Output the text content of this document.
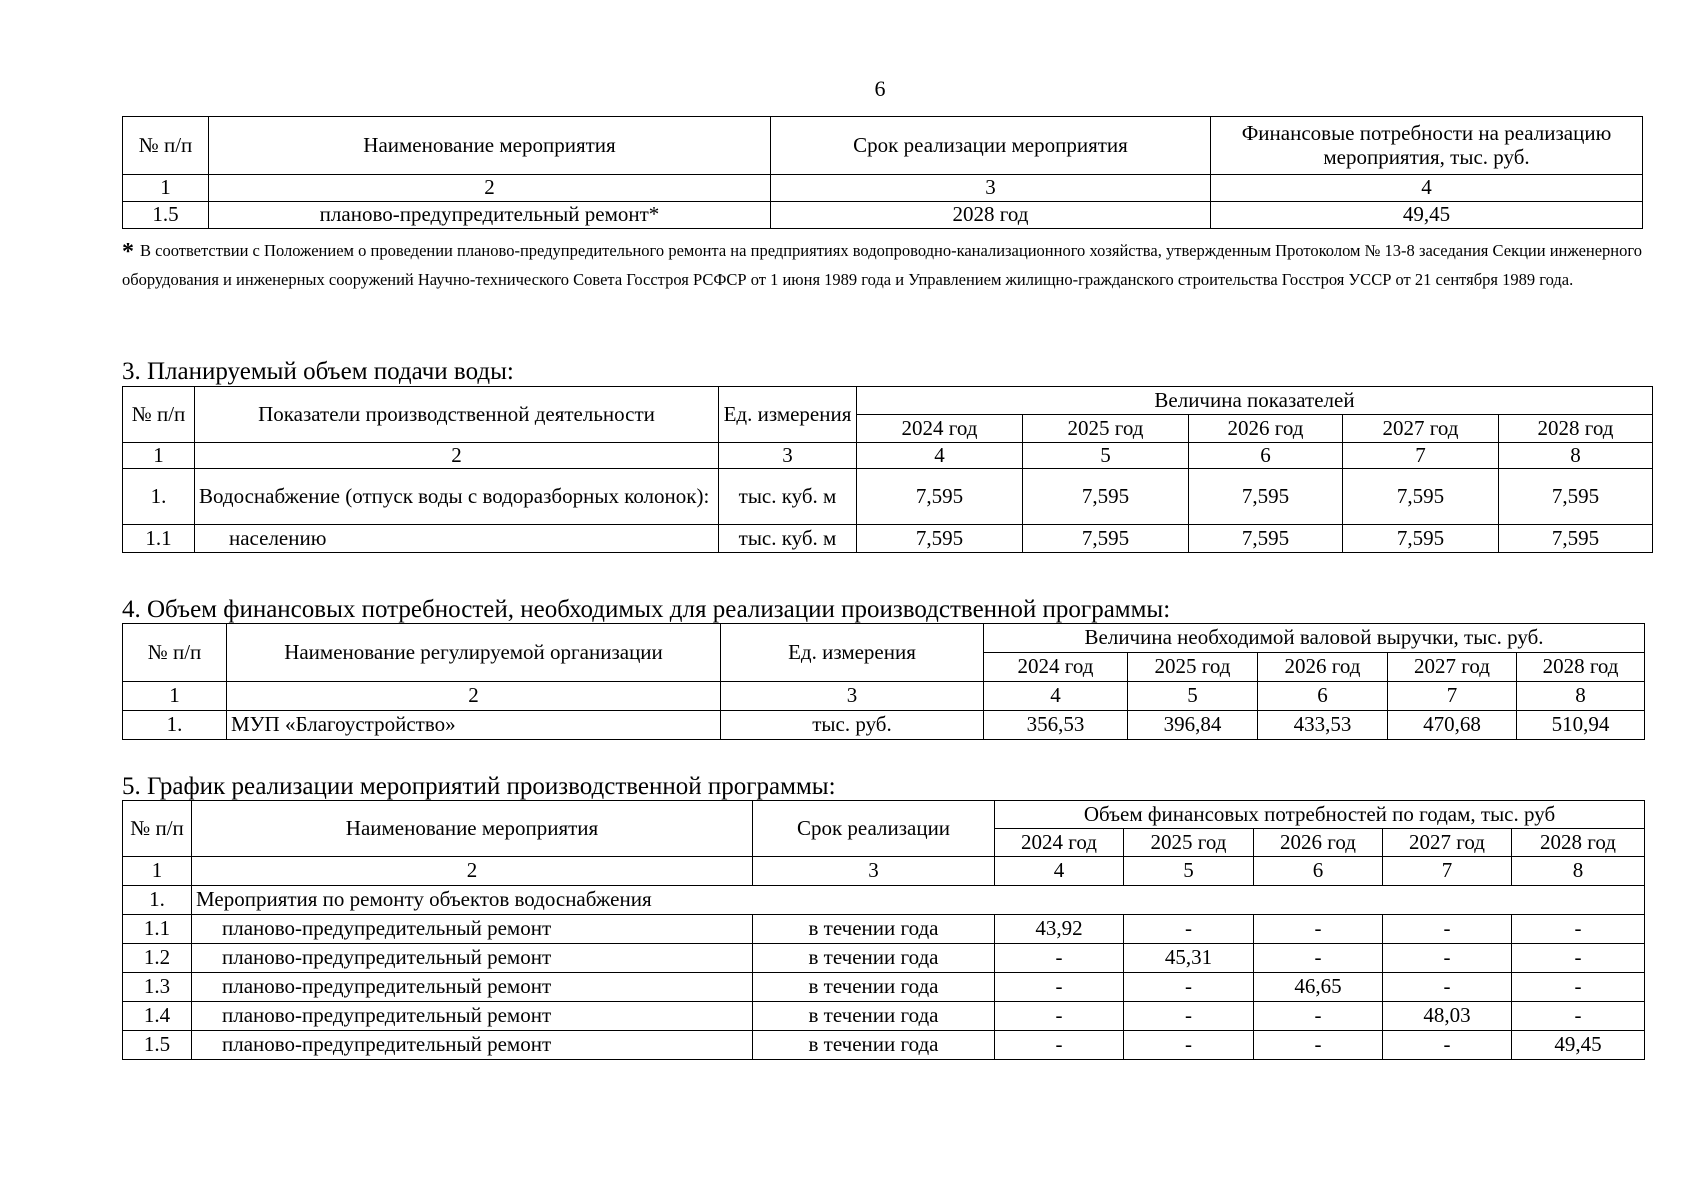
6
№ п/п	Наименование мероприятия	Срок реализации мероприятия	Финансовые потребности на реализацию мероприятия, тыс. руб.
1	2	3	4
1.5	планово-предупредительный ремонт*	2028 год	49,45
* В соответствии с Положением о проведении планово-предупредительного ремонта на предприятиях водопроводно-канализационного хозяйства, утвержденным Протоколом № 13-8 заседания Секции инженерного оборудования и инженерных сооружений Научно-технического Совета Госстроя РСФСР от 1 июня 1989 года и Управлением жилищно-гражданского строительства Госстроя УССР от 21 сентября 1989 года.
3. Планируемый объем подачи воды:
№ п/п	Показатели производственной деятельности	Ед. измерения	Величина показателей				
			2024 год	2025 год	2026 год	2027 год	2028 год
1	2	3	4	5	6	7	8
1.	Водоснабжение (отпуск воды с водоразборных колонок):	тыс. куб. м	7,595	7,595	7,595	7,595	7,595
1.1	населению	тыс. куб. м	7,595	7,595	7,595	7,595	7,595
4. Объем финансовых потребностей, необходимых для реализации производственной программы:
№ п/п	Наименование регулируемой организации	Ед. измерения	Величина необходимой валовой выручки, тыс. руб.				
			2024 год	2025 год	2026 год	2027 год	2028 год
1	2	3	4	5	6	7	8
1.	МУП «Благоустройство»	тыс. руб.	356,53	396,84	433,53	470,68	510,94
5. График реализации мероприятий производственной программы:
№ п/п	Наименование мероприятия	Срок реализации	Объем финансовых потребностей по годам, тыс. руб				
			2024 год	2025 год	2026 год	2027 год	2028 год
1	2	3	4	5	6	7	8
1.	Мероприятия по ремонту объектов водоснабжения						
1.1	планово-предупредительный ремонт	в течении года	43,92	-	-	-	-
1.2	планово-предупредительный ремонт	в течении года	-	45,31	-	-	-
1.3	планово-предупредительный ремонт	в течении года	-	-	46,65	-	-
1.4	планово-предупредительный ремонт	в течении года	-	-	-	48,03	-
1.5	планово-предупредительный ремонт	в течении года	-	-	-	-	49,45
